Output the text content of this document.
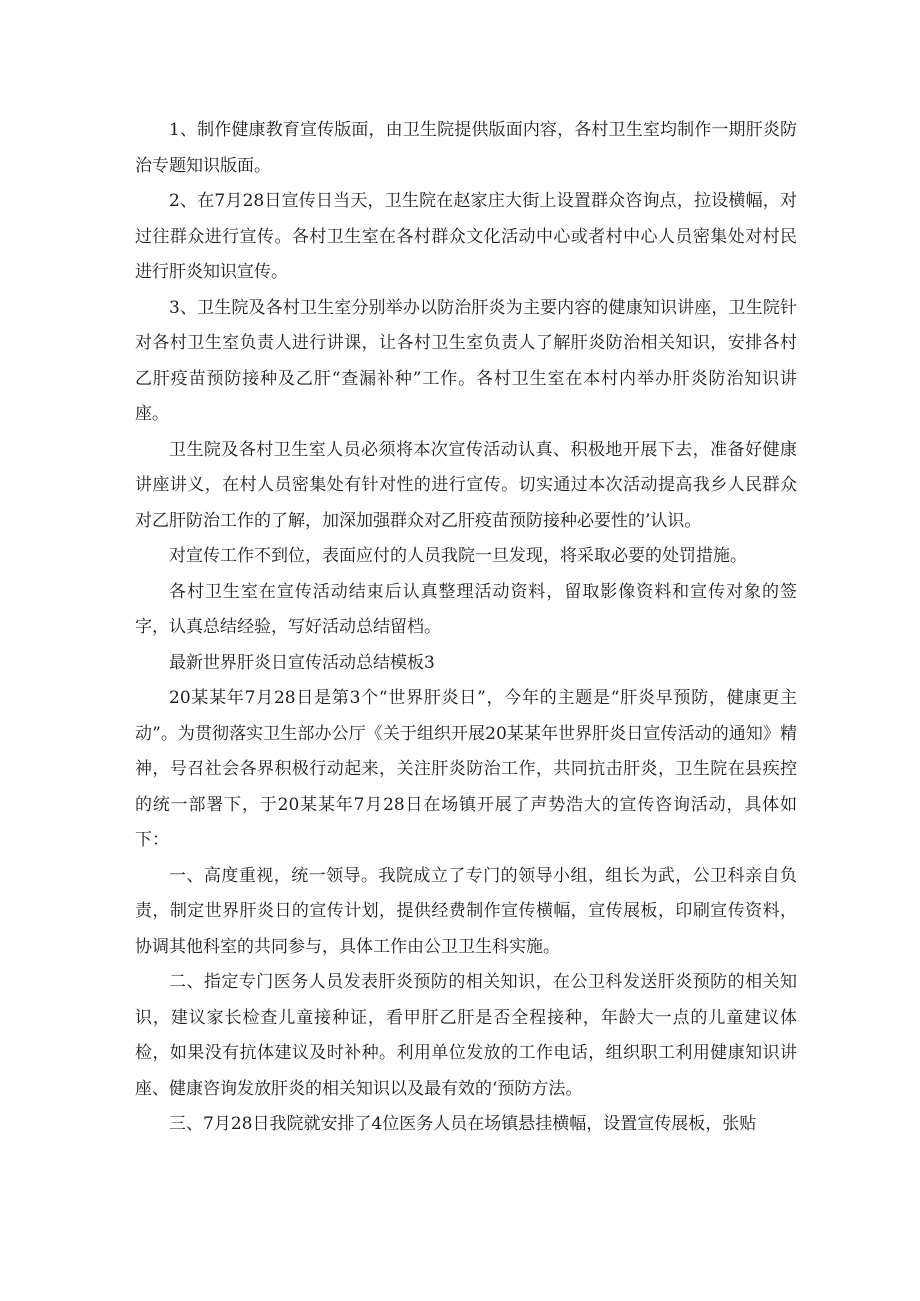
1、制作健康教育宣传版面，由卫生院提供版面内容，各村卫生室均制作一期肝炎防治专题知识版面。

2、在7月28日宣传日当天，卫生院在赵家庄大街上设置群众咨询点，拉设横幅，对过往群众进行宣传。各村卫生室在各村群众文化活动中心或者村中心人员密集处对村民进行肝炎知识宣传。

3、卫生院及各村卫生室分别举办以防治肝炎为主要内容的健康知识讲座，卫生院针对各村卫生室负责人进行讲课，让各村卫生室负责人了解肝炎防治相关知识，安排各村乙肝疫苗预防接种及乙肝“查漏补种”工作。各村卫生室在本村内举办肝炎防治知识讲座。

卫生院及各村卫生室人员必须将本次宣传活动认真、积极地开展下去，准备好健康讲座讲义，在村人员密集处有针对性的进行宣传。切实通过本次活动提高我乡人民群众对乙肝防治工作的了解，加深加强群众对乙肝疫苗预防接种必要性的’认识。

对宣传工作不到位，表面应付的人员我院一旦发现，将采取必要的处罚措施。

各村卫生室在宣传活动结束后认真整理活动资料，留取影像资料和宣传对象的签字，认真总结经验，写好活动总结留档。

最新世界肝炎日宣传活动总结模板3

20某某年7月28日是第3个“世界肝炎日”，今年的主题是“肝炎早预防，健康更主动”。为贯彻落实卫生部办公厅《关于组织开展20某某年世界肝炎日宣传活动的通知》精神，号召社会各界积极行动起来，关注肝炎防治工作，共同抗击肝炎，卫生院在县疾控的统一部署下，于20某某年7月28日在场镇开展了声势浩大的宣传咨询活动，具体如下：

一、高度重视，统一领导。我院成立了专门的领导小组，组长为武，公卫科亲自负责，制定世界肝炎日的宣传计划，提供经费制作宣传横幅，宣传展板，印刷宣传资料，协调其他科室的共同参与，具体工作由公卫卫生科实施。

二、指定专门医务人员发表肝炎预防的相关知识，在公卫科发送肝炎预防的相关知识，建议家长检查儿童接种证，看甲肝乙肝是否全程接种，年龄大一点的儿童建议体检，如果没有抗体建议及时补种。利用单位发放的工作电话，组织职工利用健康知识讲座、健康咨询发放肝炎的相关知识以及最有效的‘预防方法。

三、7月28日我院就安排了4位医务人员在场镇悬挂横幅，设置宣传展板，张贴
